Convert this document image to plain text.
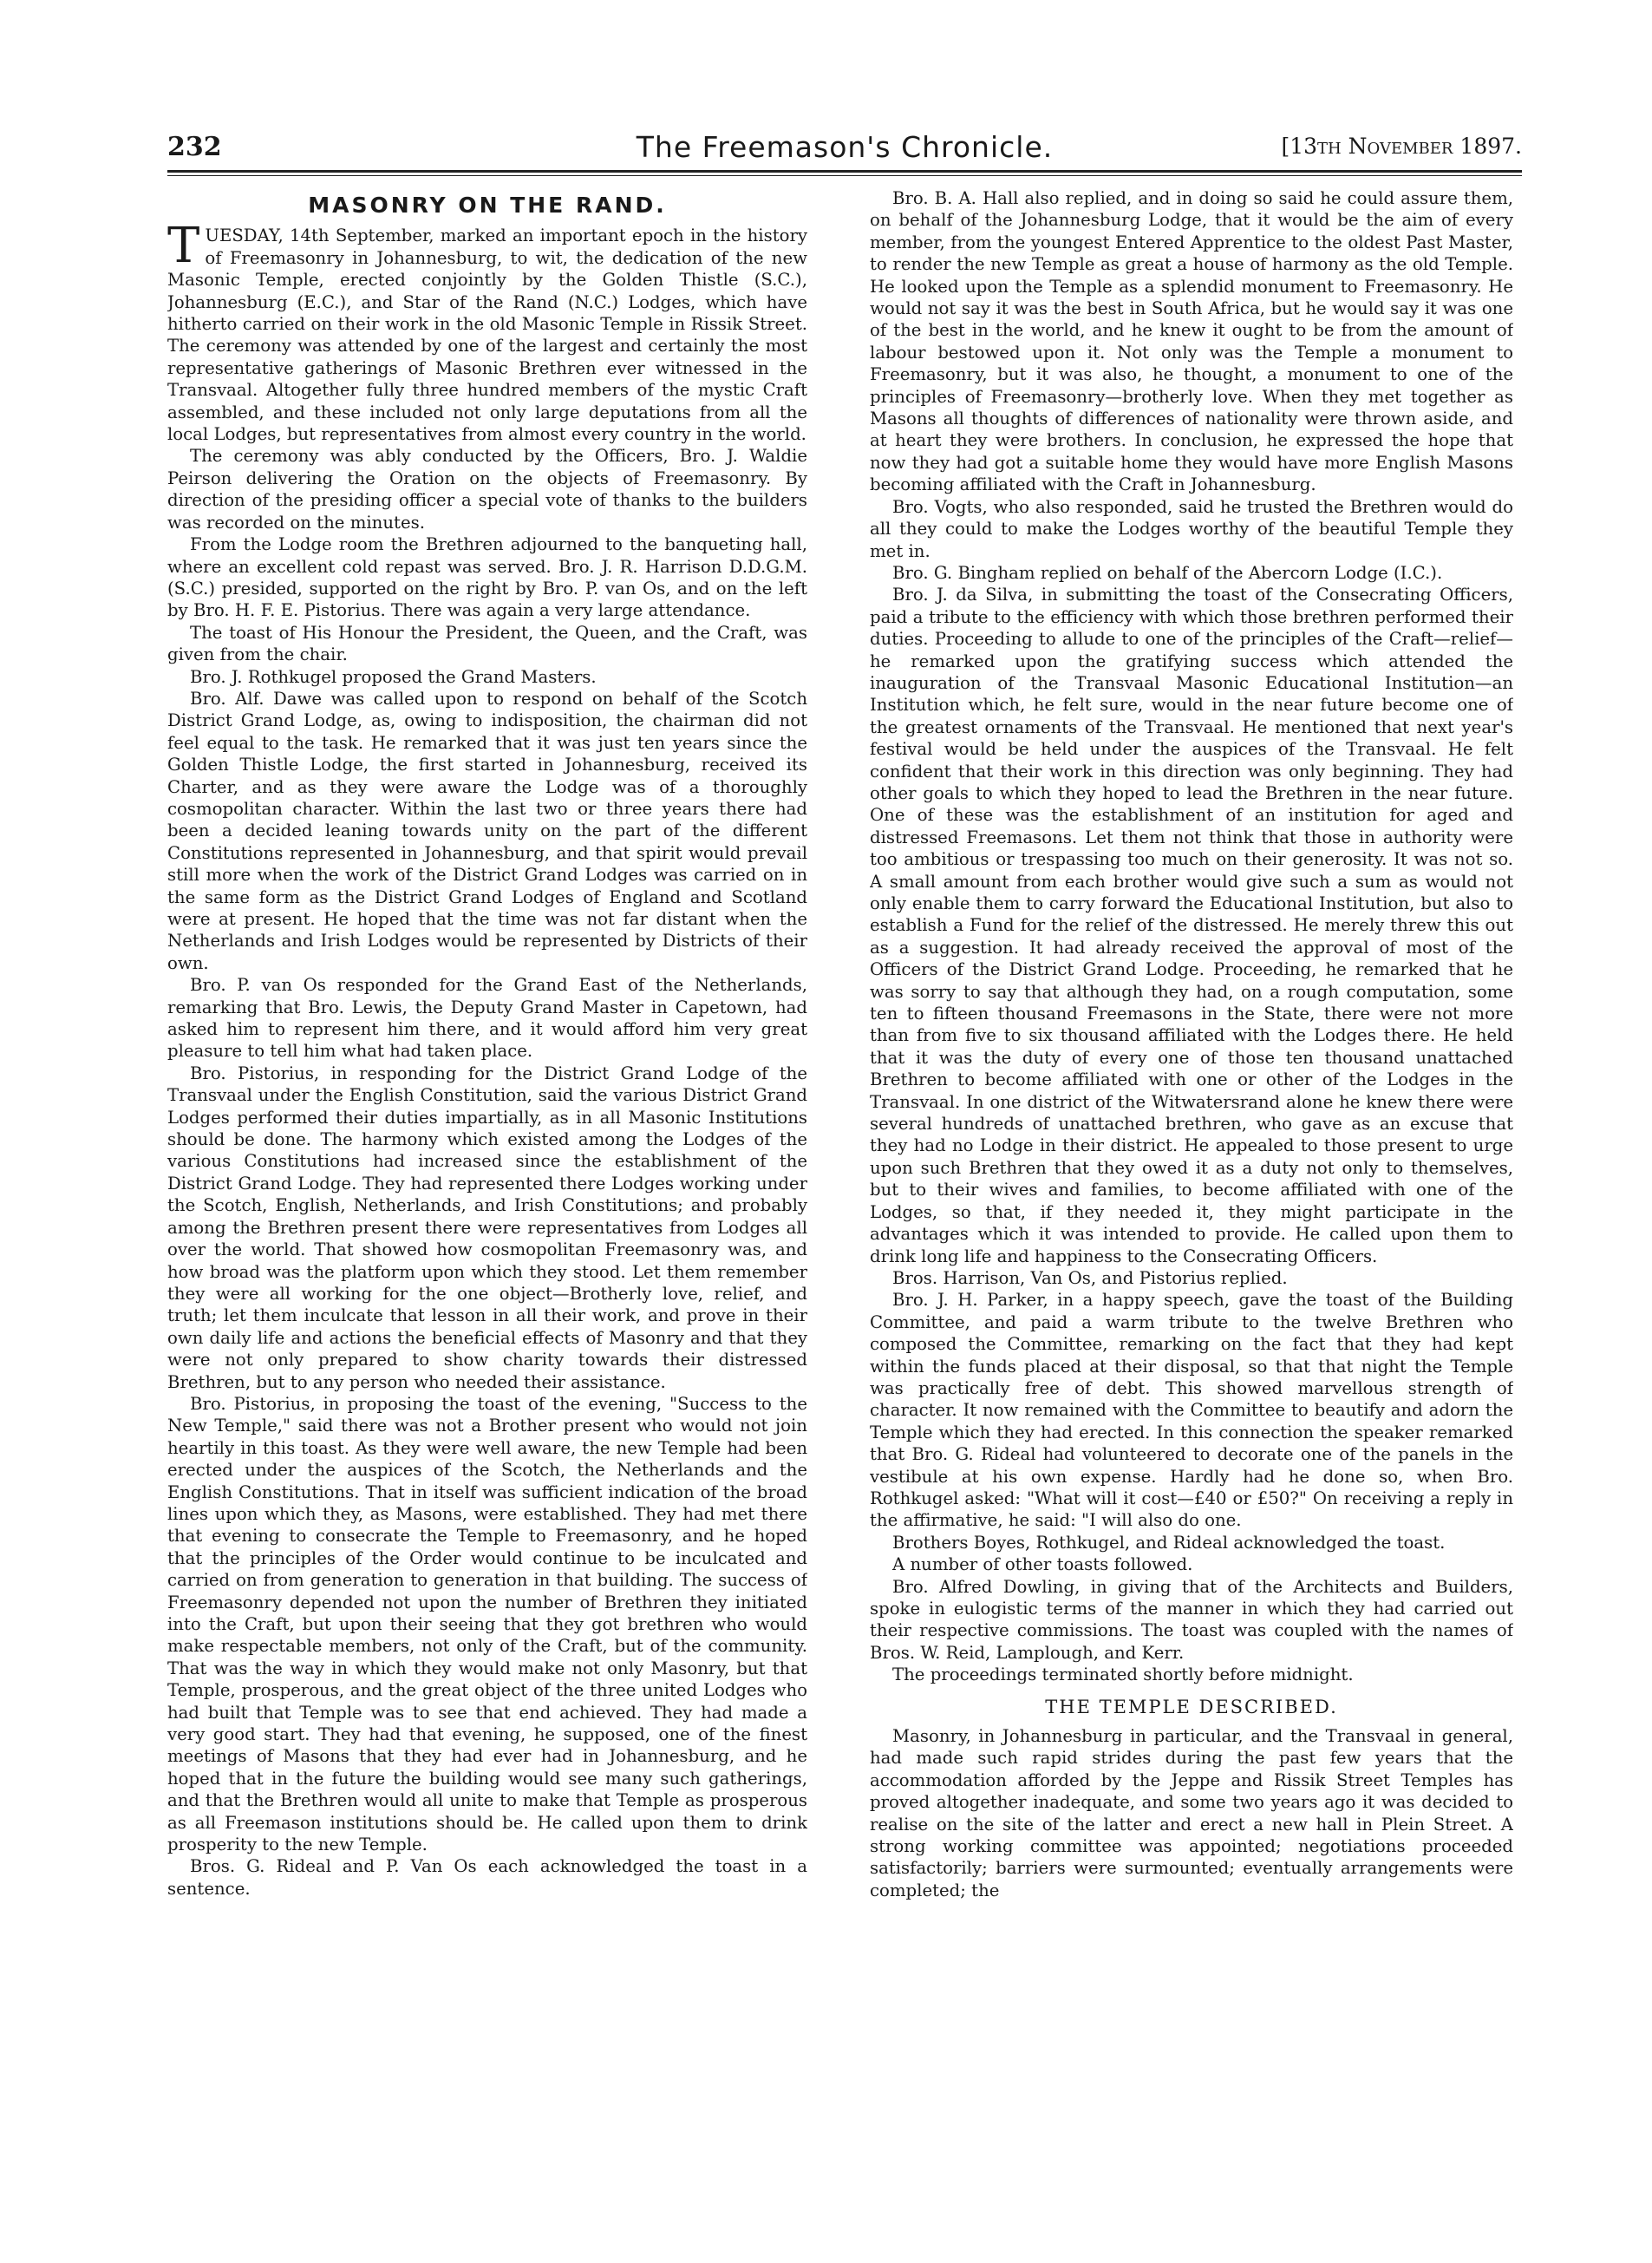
232	The Freemason's Chronicle.	[13th November 1897.
MASONRY ON THE RAND.

TUESDAY, 14th September, marked an important epoch in the history of Freemasonry in Johannesburg, to wit, the dedication of the new Masonic Temple, erected conjointly by the Golden Thistle (S.C.), Johannesburg (E.C.), and Star of the Rand (N.C.) Lodges, which have hitherto carried on their work in the old Masonic Temple in Rissik Street. The ceremony was attended by one of the largest and certainly the most representative gatherings of Masonic Brethren ever witnessed in the Transvaal. Altogether fully three hundred members of the mystic Craft assembled, and these included not only large deputations from all the local Lodges, but representatives from almost every country in the world.

The ceremony was ably conducted by the Officers, Bro. J. Waldie Peirson delivering the Oration on the objects of Freemasonry. By direction of the presiding officer a special vote of thanks to the builders was recorded on the minutes.

From the Lodge room the Brethren adjourned to the banqueting hall, where an excellent cold repast was served. Bro. J. R. Harrison D.D.G.M. (S.C.) presided, supported on the right by Bro. P. van Os, and on the left by Bro. H. F. E. Pistorius. There was again a very large attendance.

The toast of His Honour the President, the Queen, and the Craft, was given from the chair.

Bro. J. Rothkugel proposed the Grand Masters.

Bro. Alf. Dawe was called upon to respond on behalf of the Scotch District Grand Lodge, as, owing to indisposition, the chairman did not feel equal to the task. He remarked that it was just ten years since the Golden Thistle Lodge, the first started in Johannesburg, received its Charter, and as they were aware the Lodge was of a thoroughly cosmopolitan character. Within the last two or three years there had been a decided leaning towards unity on the part of the different Constitutions represented in Johannesburg, and that spirit would prevail still more when the work of the District Grand Lodges was carried on in the same form as the District Grand Lodges of England and Scotland were at present. He hoped that the time was not far distant when the Netherlands and Irish Lodges would be represented by Districts of their own.

Bro. P. van Os responded for the Grand East of the Netherlands, remarking that Bro. Lewis, the Deputy Grand Master in Capetown, had asked him to represent him there, and it would afford him very great pleasure to tell him what had taken place.

Bro. Pistorius, in responding for the District Grand Lodge of the Transvaal under the English Constitution, said the various District Grand Lodges performed their duties impartially, as in all Masonic Institutions should be done. The harmony which existed among the Lodges of the various Constitutions had increased since the establishment of the District Grand Lodge. They had represented there Lodges working under the Scotch, English, Netherlands, and Irish Constitutions; and probably among the Brethren present there were representatives from Lodges all over the world. That showed how cosmopolitan Freemasonry was, and how broad was the platform upon which they stood. Let them remember they were all working for the one object—Brotherly love, relief, and truth; let them inculcate that lesson in all their work, and prove in their own daily life and actions the beneficial effects of Masonry and that they were not only prepared to show charity towards their distressed Brethren, but to any person who needed their assistance.

Bro. Pistorius, in proposing the toast of the evening, "Success to the New Temple," said there was not a Brother present who would not join heartily in this toast. As they were well aware, the new Temple had been erected under the auspices of the Scotch, the Netherlands and the English Constitutions. That in itself was sufficient indication of the broad lines upon which they, as Masons, were established. They had met there that evening to consecrate the Temple to Freemasonry, and he hoped that the principles of the Order would continue to be inculcated and carried on from generation to generation in that building. The success of Freemasonry depended not upon the number of Brethren they initiated into the Craft, but upon their seeing that they got brethren who would make respectable members, not only of the Craft, but of the community. That was the way in which they would make not only Masonry, but that Temple, prosperous, and the great object of the three united Lodges who had built that Temple was to see that end achieved. They had made a very good start. They had that evening, he supposed, one of the finest meetings of Masons that they had ever had in Johannesburg, and he hoped that in the future the building would see many such gatherings, and that the Brethren would all unite to make that Temple as prosperous as all Freemason institutions should be. He called upon them to drink prosperity to the new Temple.

Bros. G. Rideal and P. Van Os each acknowledged the toast in a sentence.

Bro. B. A. Hall also replied, and in doing so said he could assure them, on behalf of the Johannesburg Lodge, that it would be the aim of every member, from the youngest Entered Apprentice to the oldest Past Master, to render the new Temple as great a house of harmony as the old Temple. He looked upon the Temple as a splendid monument to Freemasonry. He would not say it was the best in South Africa, but he would say it was one of the best in the world, and he knew it ought to be from the amount of labour bestowed upon it. Not only was the Temple a monument to Freemasonry, but it was also, he thought, a monument to one of the principles of Freemasonry—brotherly love. When they met together as Masons all thoughts of differences of nationality were thrown aside, and at heart they were brothers. In conclusion, he expressed the hope that now they had got a suitable home they would have more English Masons becoming affiliated with the Craft in Johannesburg.

Bro. Vogts, who also responded, said he trusted the Brethren would do all they could to make the Lodges worthy of the beautiful Temple they met in.

Bro. G. Bingham replied on behalf of the Abercorn Lodge (I.C.).

Bro. J. da Silva, in submitting the toast of the Consecrating Officers, paid a tribute to the efficiency with which those brethren performed their duties. Proceeding to allude to one of the principles of the Craft—relief—he remarked upon the gratifying success which attended the inauguration of the Transvaal Masonic Educational Institution—an Institution which, he felt sure, would in the near future become one of the greatest ornaments of the Transvaal. He mentioned that next year's festival would be held under the auspices of the Transvaal. He felt confident that their work in this direction was only beginning. They had other goals to which they hoped to lead the Brethren in the near future. One of these was the establishment of an institution for aged and distressed Freemasons. Let them not think that those in authority were too ambitious or trespassing too much on their generosity. It was not so. A small amount from each brother would give such a sum as would not only enable them to carry forward the Educational Institution, but also to establish a Fund for the relief of the distressed. He merely threw this out as a suggestion. It had already received the approval of most of the Officers of the District Grand Lodge. Proceeding, he remarked that he was sorry to say that although they had, on a rough computation, some ten to fifteen thousand Freemasons in the State, there were not more than from five to six thousand affiliated with the Lodges there. He held that it was the duty of every one of those ten thousand unattached Brethren to become affiliated with one or other of the Lodges in the Transvaal. In one district of the Witwatersrand alone he knew there were several hundreds of unattached brethren, who gave as an excuse that they had no Lodge in their district. He appealed to those present to urge upon such Brethren that they owed it as a duty not only to themselves, but to their wives and families, to become affiliated with one of the Lodges, so that, if they needed it, they might participate in the advantages which it was intended to provide. He called upon them to drink long life and happiness to the Consecrating Officers.

Bros. Harrison, Van Os, and Pistorius replied.

Bro. J. H. Parker, in a happy speech, gave the toast of the Building Committee, and paid a warm tribute to the twelve Brethren who composed the Committee, remarking on the fact that they had kept within the funds placed at their disposal, so that that night the Temple was practically free of debt. This showed marvellous strength of character. It now remained with the Committee to beautify and adorn the Temple which they had erected. In this connection the speaker remarked that Bro. G. Rideal had volunteered to decorate one of the panels in the vestibule at his own expense. Hardly had he done so, when Bro. Rothkugel asked: "What will it cost—£40 or £50?" On receiving a reply in the affirmative, he said: "I will also do one.

Brothers Boyes, Rothkugel, and Rideal acknowledged the toast.

A number of other toasts followed.

Bro. Alfred Dowling, in giving that of the Architects and Builders, spoke in eulogistic terms of the manner in which they had carried out their respective commissions. The toast was coupled with the names of Bros. W. Reid, Lamplough, and Kerr.

The proceedings terminated shortly before midnight.

THE TEMPLE DESCRIBED.

Masonry, in Johannesburg in particular, and the Transvaal in general, had made such rapid strides during the past few years that the accommodation afforded by the Jeppe and Rissik Street Temples has proved altogether inadequate, and some two years ago it was decided to realise on the site of the latter and erect a new hall in Plein Street. A strong working committee was appointed; negotiations proceeded satisfactorily; barriers were surmounted; eventually arrangements were completed; the
